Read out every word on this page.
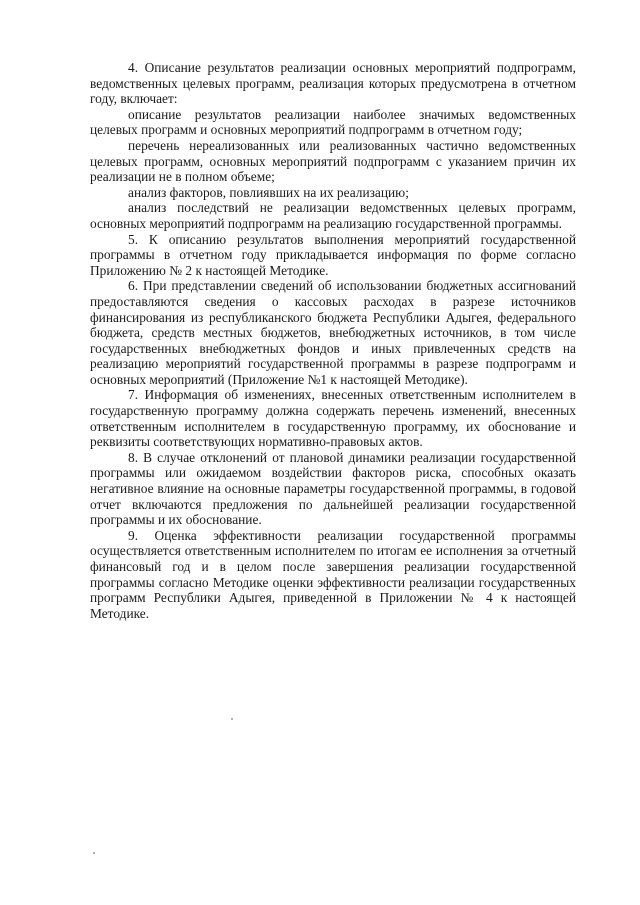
4. Описание результатов реализации основных мероприятий подпрограмм, ведомственных целевых программ, реализация которых предусмотрена в отчетном году, включает:

описание результатов реализации наиболее значимых ведомственных целевых программ и основных мероприятий подпрограмм в отчетном году;

перечень нереализованных или реализованных частично ведомственных целевых программ, основных мероприятий подпрограмм с указанием причин их реализации не в полном объеме;

анализ факторов, повлиявших на их реализацию;

анализ последствий не реализации ведомственных целевых программ, основных мероприятий подпрограмм на реализацию государственной программы.

5. К описанию результатов выполнения мероприятий государственной программы в отчетном году прикладывается информация по форме согласно Приложению № 2 к настоящей Методике.

6. При представлении сведений об использовании бюджетных ассигнований предоставляются сведения о кассовых расходах в разрезе источников финансирования из республиканского бюджета Республики Адыгея, федерального бюджета, средств местных бюджетов, внебюджетных источников, в том числе государственных внебюджетных фондов и иных привлеченных средств на реализацию мероприятий государственной программы в разрезе подпрограмм и основных мероприятий (Приложение №1 к настоящей Методике).

7. Информация об изменениях, внесенных ответственным исполнителем в государственную программу должна содержать перечень изменений, внесенных ответственным исполнителем в государственную программу, их обоснование и реквизиты соответствующих нормативно-правовых актов.

8. В случае отклонений от плановой динамики реализации государственной программы или ожидаемом воздействии факторов риска, способных оказать негативное влияние на основные параметры государственной программы, в годовой отчет включаются предложения по дальнейшей реализации государственной программы и их обоснование.

9. Оценка эффективности реализации государственной программы осуществляется ответственным исполнителем по итогам ее исполнения за отчетный финансовый год и в целом после завершения реализации государственной программы согласно Методике оценки эффективности реализации государственных программ Республики Адыгея, приведенной в Приложении № 4 к настоящей Методике.
